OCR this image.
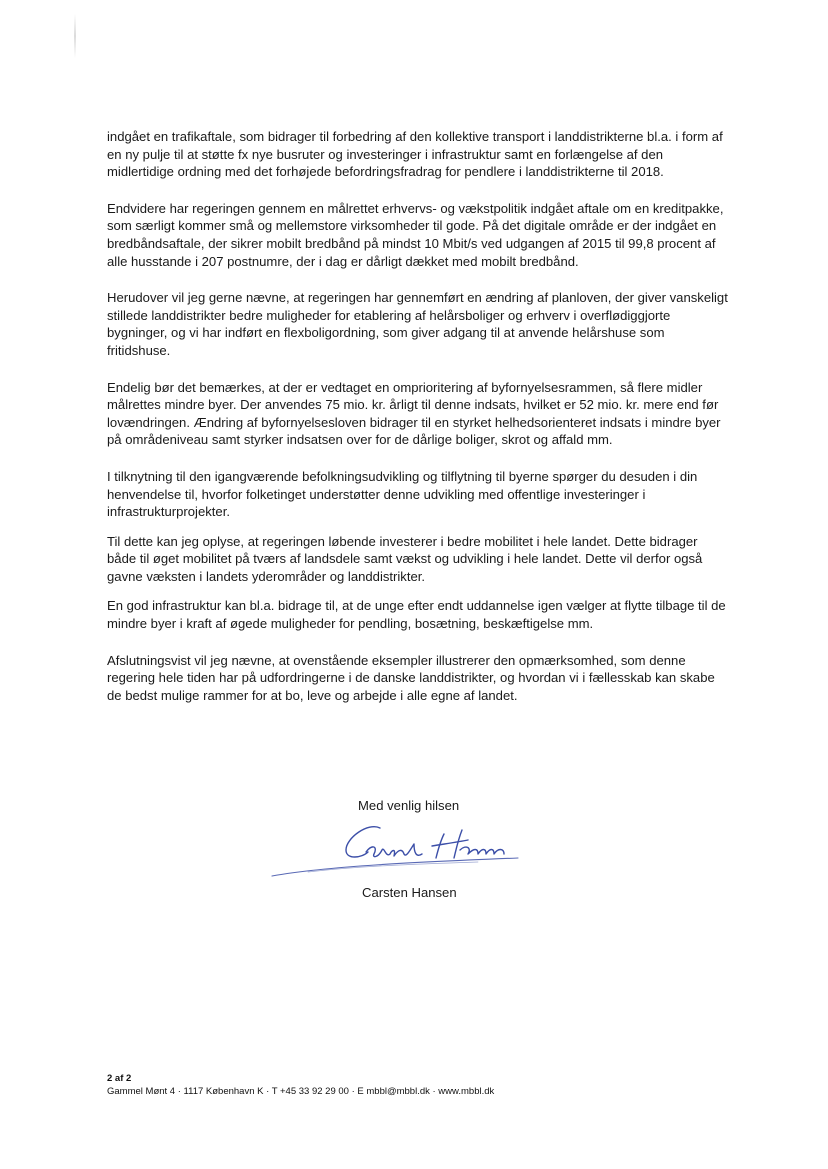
indgået en trafikaftale, som bidrager til forbedring af den kollektive transport i landdistrikterne bl.a. i form af en ny pulje til at støtte fx nye busruter og investeringer i infrastruktur samt en forlængelse af den midlertidige ordning med det forhøjede befordringsfradrag for pendlere i landdistrikterne til 2018.

Endvidere har regeringen gennem en målrettet erhvervs- og vækstpolitik indgået aftale om en kreditpakke, som særligt kommer små og mellemstore virksomheder til gode. På det digitale område er der indgået en bredbåndsaftale, der sikrer mobilt bredbånd på mindst 10 Mbit/s ved udgangen af 2015 til 99,8 procent af alle husstande i 207 postnumre, der i dag er dårligt dækket med mobilt bredbånd.

Herudover vil jeg gerne nævne, at regeringen har gennemført en ændring af planloven, der giver vanskeligt stillede landdistrikter bedre muligheder for etablering af helårsboliger og erhverv i overflødiggjorte bygninger, og vi har indført en flexboligordning, som giver adgang til at anvende helårshuse som fritidshuse.

Endelig bør det bemærkes, at der er vedtaget en omprioritering af byfornyelsesrammen, så flere midler målrettes mindre byer. Der anvendes 75 mio. kr. årligt til denne indsats, hvilket er 52 mio. kr. mere end før lovændringen. Ændring af byfornyelsesloven bidrager til en styrket helhedsorienteret indsats i mindre byer på områdeniveau samt styrker indsatsen over for de dårlige boliger, skrot og affald mm.

I tilknytning til den igangværende befolkningsudvikling og tilflytning til byerne spørger du desuden i din henvendelse til, hvorfor folketinget understøtter denne udvikling med offentlige investeringer i infrastrukturprojekter.

Til dette kan jeg oplyse, at regeringen løbende investerer i bedre mobilitet i hele landet. Dette bidrager både til øget mobilitet på tværs af landsdele samt vækst og udvikling i hele landet. Dette vil derfor også gavne væksten i landets yderområder og landdistrikter.

En god infrastruktur kan bl.a. bidrage til, at de unge efter endt uddannelse igen vælger at flytte tilbage til de mindre byer i kraft af øgede muligheder for pendling, bosætning, beskæftigelse mm.

Afslutningsvist vil jeg nævne, at ovenstående eksempler illustrerer den opmærksomhed, som denne regering hele tiden har på udfordringerne i de danske landdistrikter, og hvordan vi i fællesskab kan skabe de bedst mulige rammer for at bo, leve og arbejde i alle egne af landet.

Med venlig hilsen
Carsten Hansen
2 af 2
Gammel Mønt 4 · 1117 København K · T +45 33 92 29 00 · E mbbl@mbbl.dk · www.mbbl.dk
